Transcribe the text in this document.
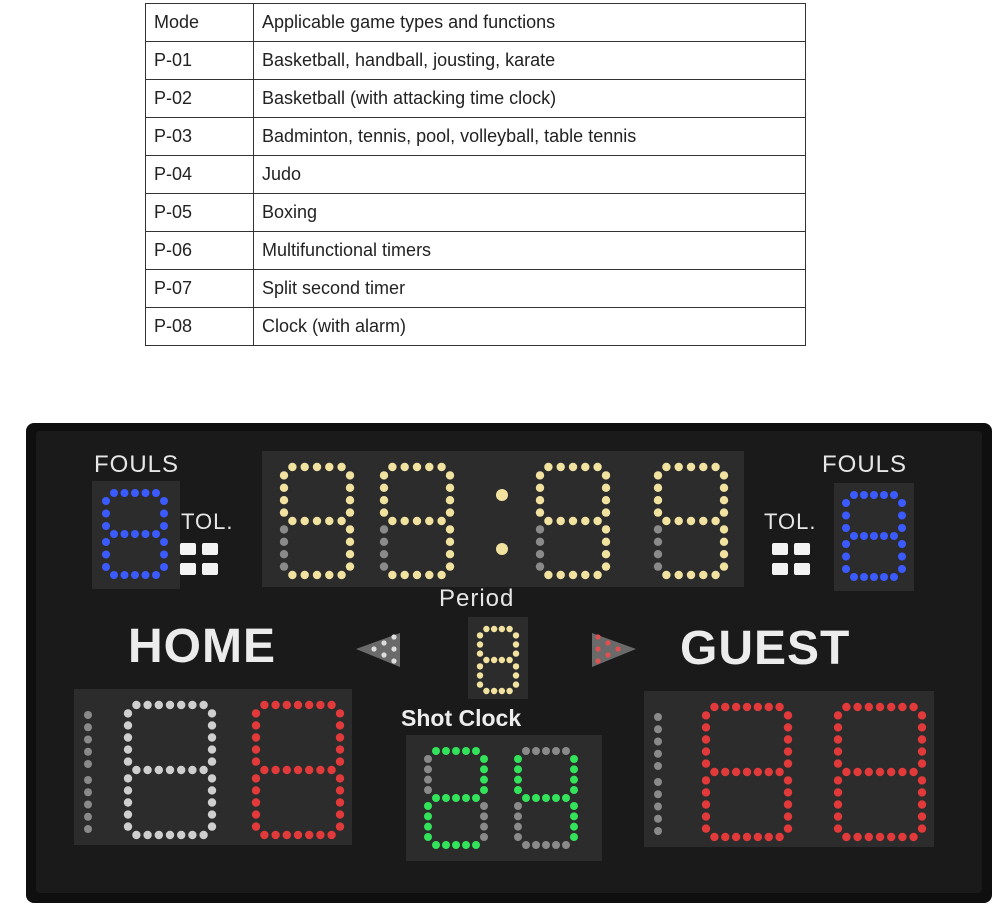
Mode	Applicable game types and functions
P-01	Basketball, handball, jousting, karate
P-02	Basketball (with attacking time clock)
P-03	Badminton, tennis, pool, volleyball, table tennis
P-04	Judo
P-05	Boxing
P-06	Multifunctional timers
P-07	Split second timer
P-08	Clock (with alarm)
FOULS	FOULS
TOL.	TOL.
Period
HOME	GUEST
Shot Clock
